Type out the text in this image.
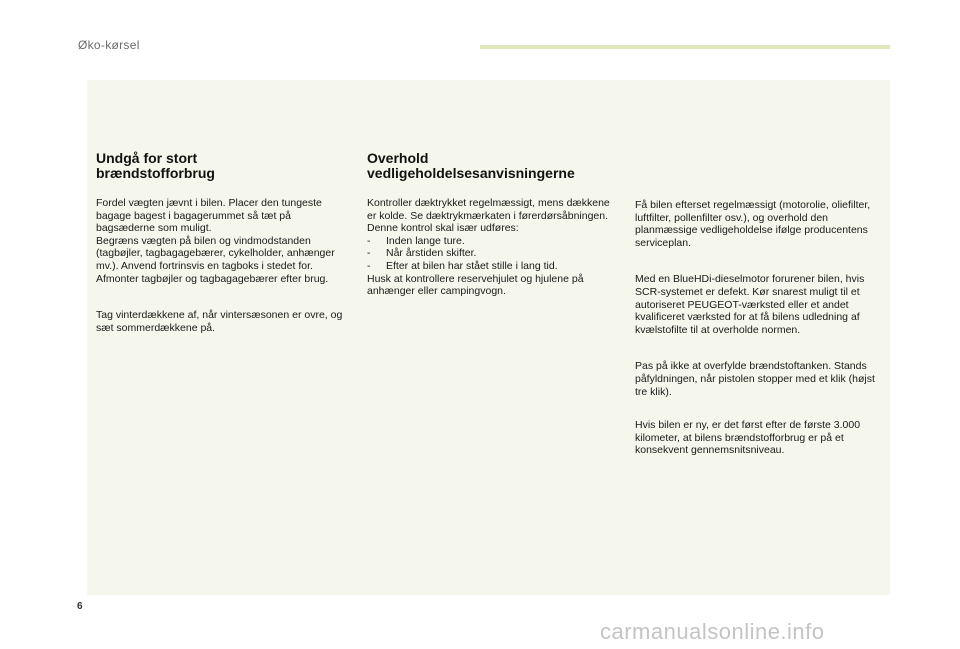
Øko-kørsel
Undgå for stort brændstofforbrug

Fordel vægten jævnt i bilen. Placer den tungeste bagage bagest i bagagerummet så tæt på bagsæderne som muligt.

Begræns vægten på bilen og vindmodstanden (tagbøjler, tagbagagebærer, cykelholder, anhænger mv.). Anvend fortrinsvis en tagboks i stedet for.

Afmonter tagbøjler og tagbagagebærer efter brug.

Tag vinterdækkene af, når vintersæsonen er ovre, og sæt sommerdækkene på.

Overhold vedligeholdelsesanvisningerne

Kontroller dæktrykket regelmæssigt, mens dækkene er kolde. Se dæktrykmærkaten i førerdørsåbningen.

Denne kontrol skal især udføres:

- Inden lange ture.
- Når årstiden skifter.
- Efter at bilen har stået stille i lang tid.

Husk at kontrollere reservehjulet og hjulene på anhænger eller campingvogn.

Få bilen efterset regelmæssigt (motorolie, oliefilter, luftfilter, pollenfilter osv.), og overhold den planmæssige vedligeholdelse ifølge producentens serviceplan.

Med en BlueHDi-dieselmotor forurener bilen, hvis SCR-systemet er defekt. Kør snarest muligt til et autoriseret PEUGEOT-værksted eller et andet kvalificeret værksted for at få bilens udledning af kvælstofilte til at overholde normen.

Pas på ikke at overfylde brændstoftanken. Stands påfyldningen, når pistolen stopper med et klik (højst tre klik).

Hvis bilen er ny, er det først efter de første 3.000 kilometer, at bilens brændstofforbrug er på et konsekvent gennemsnitsniveau.

6
carmanualsonline.info
